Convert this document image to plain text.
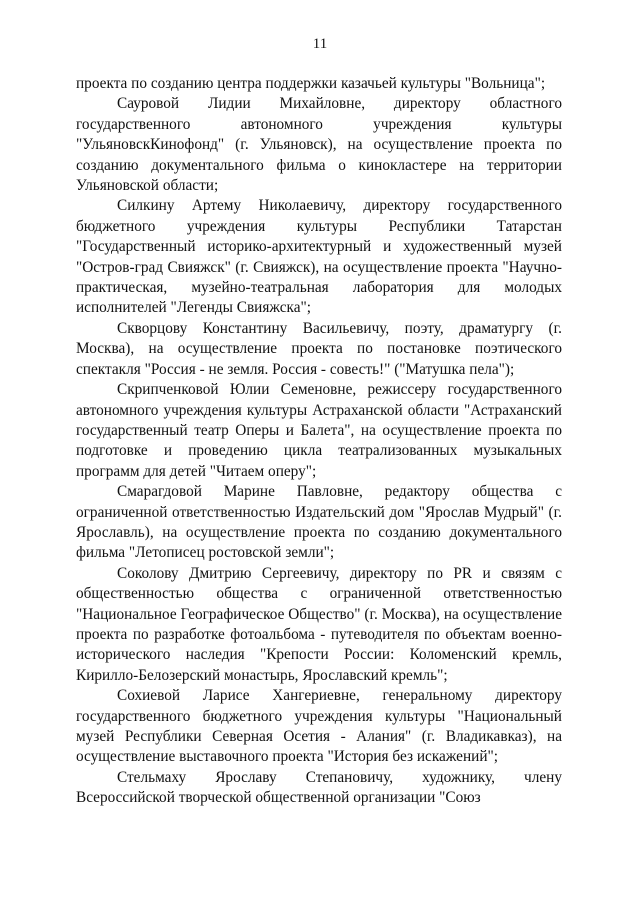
11

проекта по созданию центра поддержки казачьей культуры "Вольница";

Сауровой Лидии Михайловне, директору областного государственного автономного учреждения культуры "УльяновскКинофонд" (г. Ульяновск), на осуществление проекта по созданию документального фильма о кинокластере на территории Ульяновской области;

Силкину Артему Николаевичу, директору государственного бюджетного учреждения культуры Республики Татарстан "Государственный историко-архитектурный и художественный музей "Остров-град Свияжск" (г. Свияжск), на осуществление проекта "Научно-практическая, музейно-театральная лаборатория для молодых исполнителей "Легенды Свияжска";

Скворцову Константину Васильевичу, поэту, драматургу (г. Москва), на осуществление проекта по постановке поэтического спектакля "Россия - не земля. Россия - совесть!" ("Матушка пела");

Скрипченковой Юлии Семеновне, режиссеру государственного автономного учреждения культуры Астраханской области "Астраханский государственный театр Оперы и Балета", на осуществление проекта по подготовке и проведению цикла театрализованных музыкальных программ для детей "Читаем оперу";

Смарагдовой Марине Павловне, редактору общества с ограниченной ответственностью Издательский дом "Ярослав Мудрый" (г. Ярославль), на осуществление проекта по созданию документального фильма "Летописец ростовской земли";

Соколову Дмитрию Сергеевичу, директору по PR и связям с общественностью общества с ограниченной ответственностью "Национальное Географическое Общество" (г. Москва), на осуществление проекта по разработке фотоальбома - путеводителя по объектам военно-исторического наследия "Крепости России: Коломенский кремль, Кирилло-Белозерский монастырь, Ярославский кремль";

Сохиевой Ларисе Хангериевне, генеральному директору государственного бюджетного учреждения культуры "Национальный музей Республики Северная Осетия - Алания" (г. Владикавказ), на осуществление выставочного проекта "История без искажений";

Стельмаху Ярославу Степановичу, художнику, члену Всероссийской творческой общественной организации "Союз
